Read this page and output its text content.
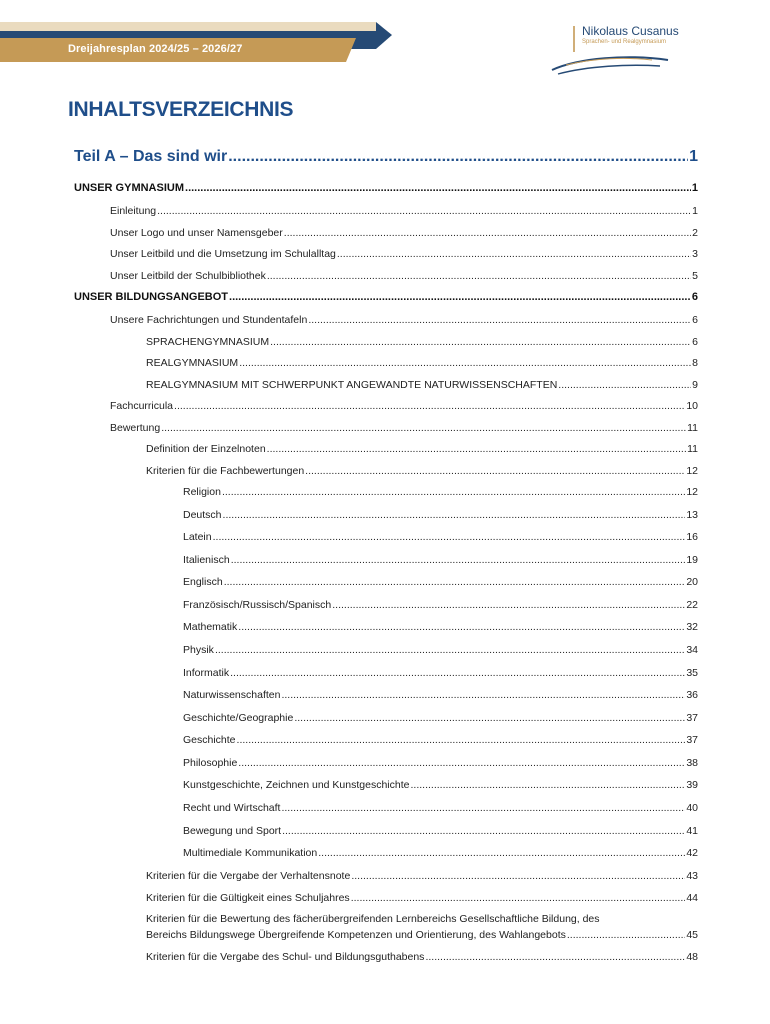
Dreijahresplan 2024/25 – 2026/27
Nikolaus Cusanus
Sprachen- und Realgymnasium
INHALTSVERZEICHNIS
Teil A – Das sind wir .....	1
UNSER GYMNASIUM .....	1
Einleitung .....	1
Unser Logo und unser Namensgeber .....	2
Unser Leitbild und die Umsetzung im Schulalltag .....	3
Unser Leitbild der Schulbibliothek .....	5
UNSER BILDUNGSANGEBOT .....	6
Unsere Fachrichtungen und Stundentafeln .....	6
SPRACHENGYMNASIUM .....	6
REALGYMNASIUM .....	8
REALGYMNASIUM MIT SCHWERPUNKT ANGEWANDTE NATURWISSENSCHAFTEN .....	9
Fachcurricula .....	10
Bewertung .....	11
Definition der Einzelnoten .....	11
Kriterien für die Fachbewertungen .....	12
Religion .....	12
Deutsch .....	13
Latein .....	16
Italienisch .....	19
Englisch .....	20
Französisch/Russisch/Spanisch .....	22
Mathematik .....	32
Physik .....	34
Informatik .....	35
Naturwissenschaften .....	36
Geschichte/Geographie .....	37
Geschichte .....	37
Philosophie .....	38
Kunstgeschichte, Zeichnen und Kunstgeschichte .....	39
Recht und Wirtschaft .....	40
Bewegung und Sport .....	41
Multimediale Kommunikation .....	42
Kriterien für die Vergabe der Verhaltensnote .....	43
Kriterien für die Gültigkeit eines Schuljahres .....	44
Kriterien für die Bewertung des fächerübergreifenden Lernbereichs Gesellschaftliche Bildung, des
Bereichs Bildungswege Übergreifende Kompetenzen und Orientierung, des Wahlangebots .....	45
Kriterien für die Vergabe des Schul- und Bildungsguthabens .....	48
